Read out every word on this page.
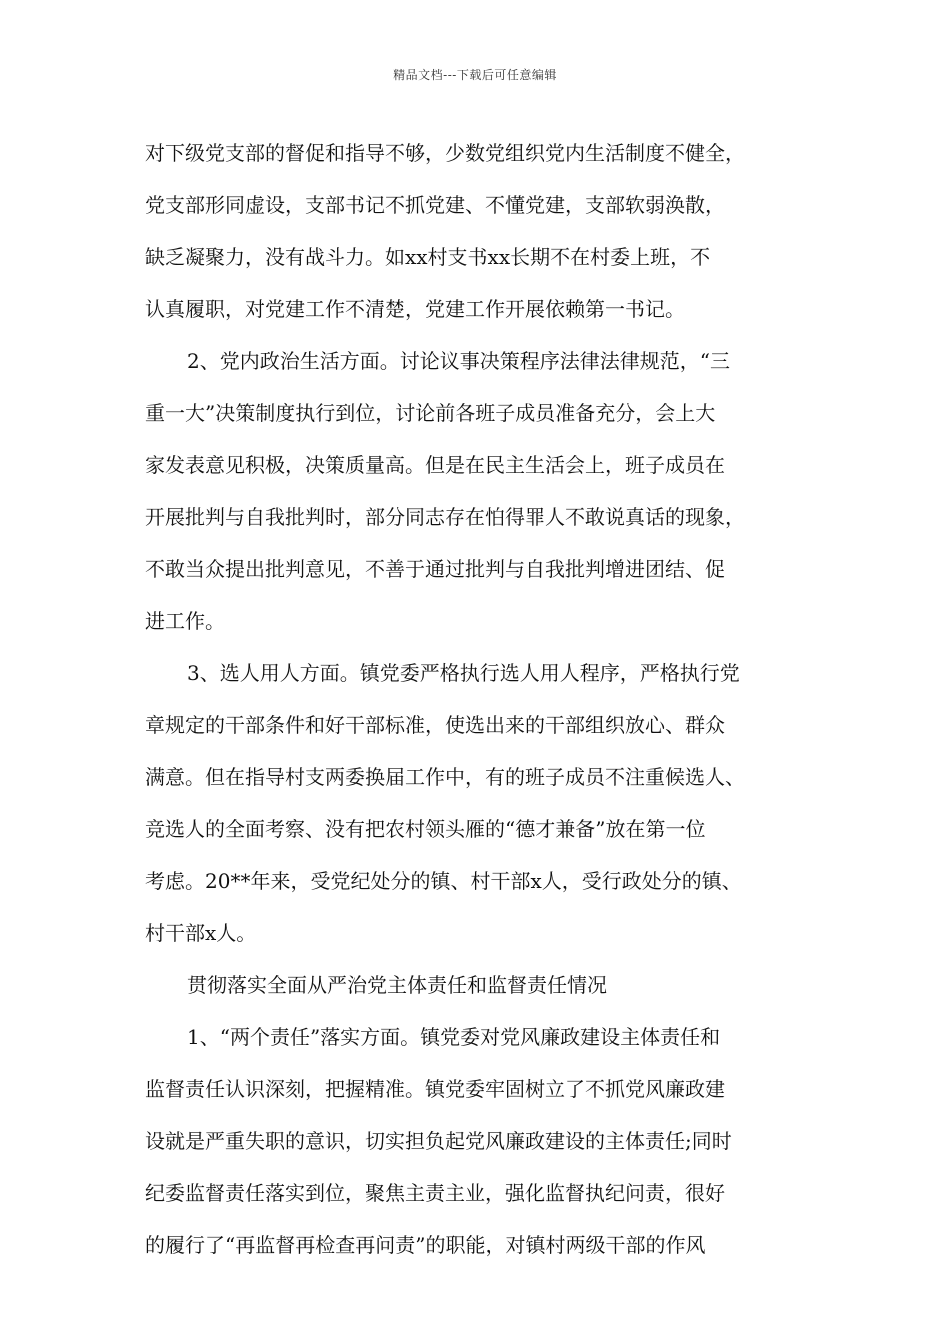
精品文档---下载后可任意编辑
对下级党支部的督促和指导不够，少数党组织党内生活制度不健全，
党支部形同虚设，支部书记不抓党建、不懂党建，支部软弱涣散，
缺乏凝聚力，没有战斗力。如xx村支书xx长期不在村委上班，不
认真履职，对党建工作不清楚，党建工作开展依赖第一书记。
2、党内政治生活方面。讨论议事决策程序法律法律规范，“三
重一大”决策制度执行到位，讨论前各班子成员准备充分，会上大
家发表意见积极，决策质量高。但是在民主生活会上，班子成员在
开展批判与自我批判时，部分同志存在怕得罪人不敢说真话的现象，
不敢当众提出批判意见，不善于通过批判与自我批判增进团结、促
进工作。
3、选人用人方面。镇党委严格执行选人用人程序，严格执行党
章规定的干部条件和好干部标准，使选出来的干部组织放心、群众
满意。但在指导村支两委换届工作中，有的班子成员不注重候选人、
竞选人的全面考察、没有把农村领头雁的“德才兼备”放在第一位
考虑。20**年来，受党纪处分的镇、村干部x人，受行政处分的镇、
村干部x人。
贯彻落实全面从严治党主体责任和监督责任情况
1、“两个责任”落实方面。镇党委对党风廉政建设主体责任和
监督责任认识深刻，把握精准。镇党委牢固树立了不抓党风廉政建
设就是严重失职的意识，切实担负起党风廉政建设的主体责任;同时
纪委监督责任落实到位，聚焦主责主业，强化监督执纪问责，很好
的履行了“再监督再检查再问责”的职能，对镇村两级干部的作风
